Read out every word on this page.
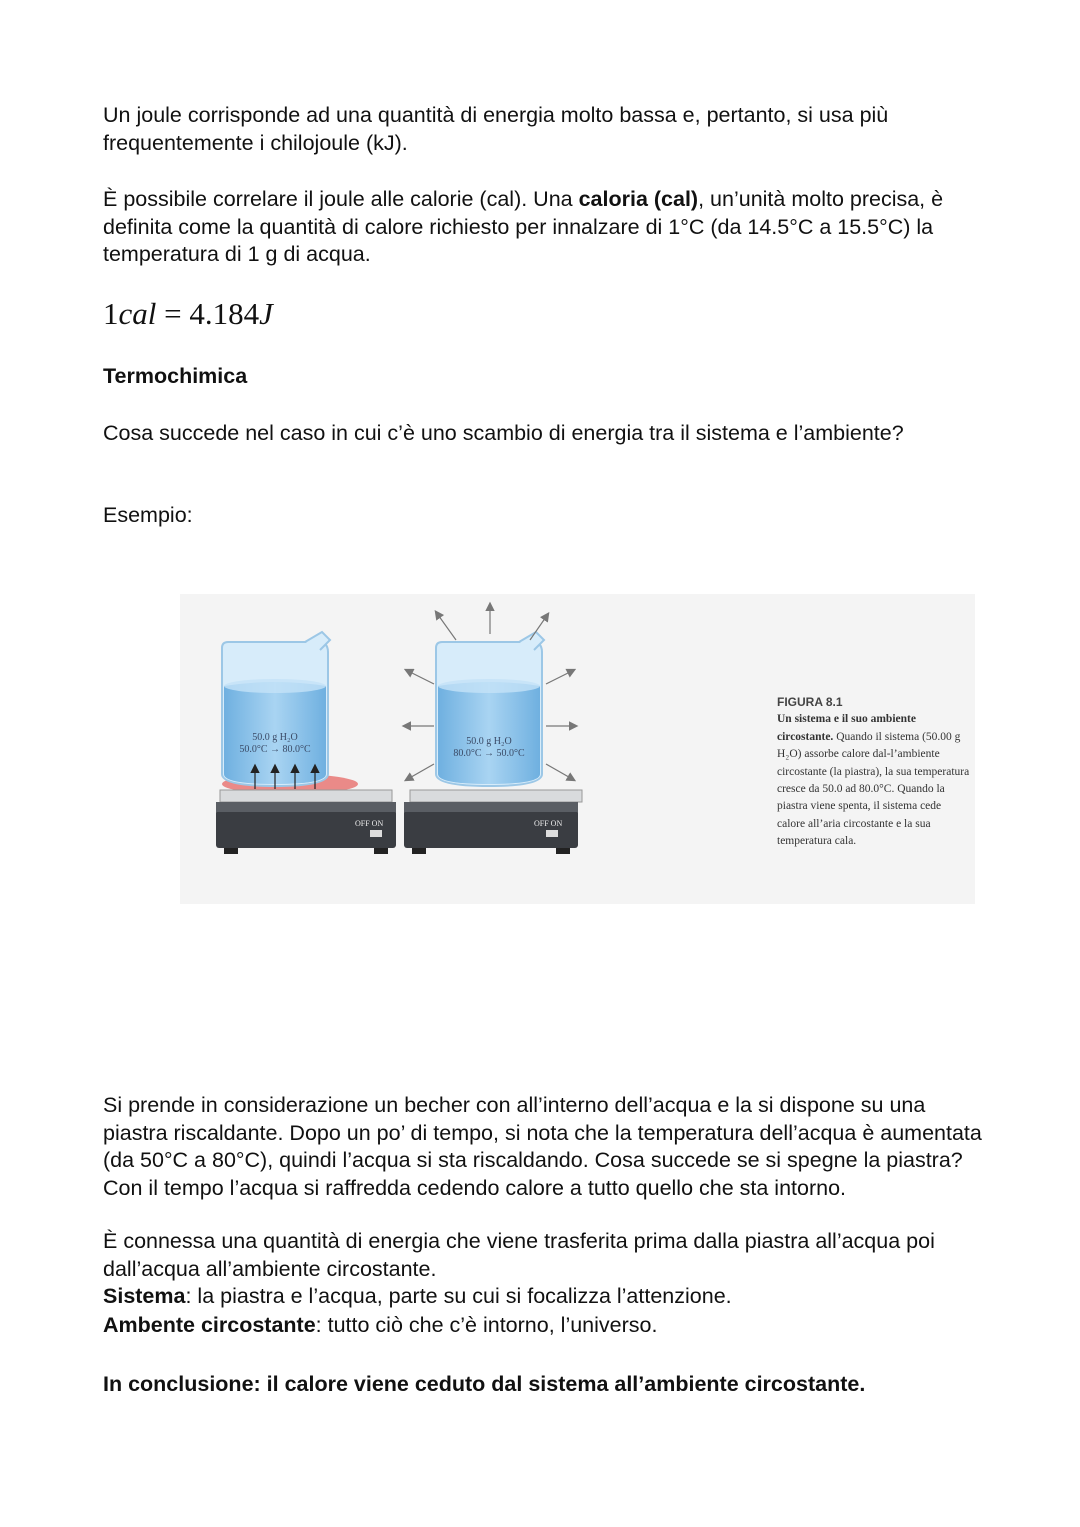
Un joule corrisponde ad una quantità di energia molto bassa e, pertanto, si usa più frequentemente i chilojoule (kJ).

È possibile correlare il joule alle calorie (cal). Una caloria (cal), un’unità molto precisa, è definita come la quantità di calore richiesto per innalzare di 1°C (da 14.5°C a 15.5°C) la temperatura di 1 g di acqua.

1cal = 4.184J
Termochimica

Cosa succede nel caso in cui c’è uno scambio di energia tra il sistema e l’ambiente?

Esempio:

50.0 g H₂O
50.0°C → 80.0°C
OFF ON
50.0 g H₂O
80.0°C → 50.0°C
OFF ON
FIGURA 8.1
Un sistema e il suo ambiente circostante. Quando il sistema (50.00 g H₂O) assorbe calore dal-l’ambiente circostante (la piastra), la sua temperatura cresce da 50.0 ad 80.0°C. Quando la piastra viene spenta, il sistema cede calore all’aria circostante e la sua temperatura cala.

Si prende in considerazione un becher con all’interno dell’acqua e la si dispone su una piastra riscaldante. Dopo un po’ di tempo, si nota che la temperatura dell’acqua è aumentata (da 50°C a 80°C), quindi l’acqua si sta riscaldando. Cosa succede se si spegne la piastra? Con il tempo l’acqua si raffredda cedendo calore a tutto quello che sta intorno.

È connessa una quantità di energia che viene trasferita prima dalla piastra all’acqua poi dall’acqua all’ambiente circostante.

Sistema: la piastra e l’acqua, parte su cui si focalizza l’attenzione.

Ambente circostante: tutto ciò che c’è intorno, l’universo.

In conclusione: il calore viene ceduto dal sistema all’ambiente circostante.
